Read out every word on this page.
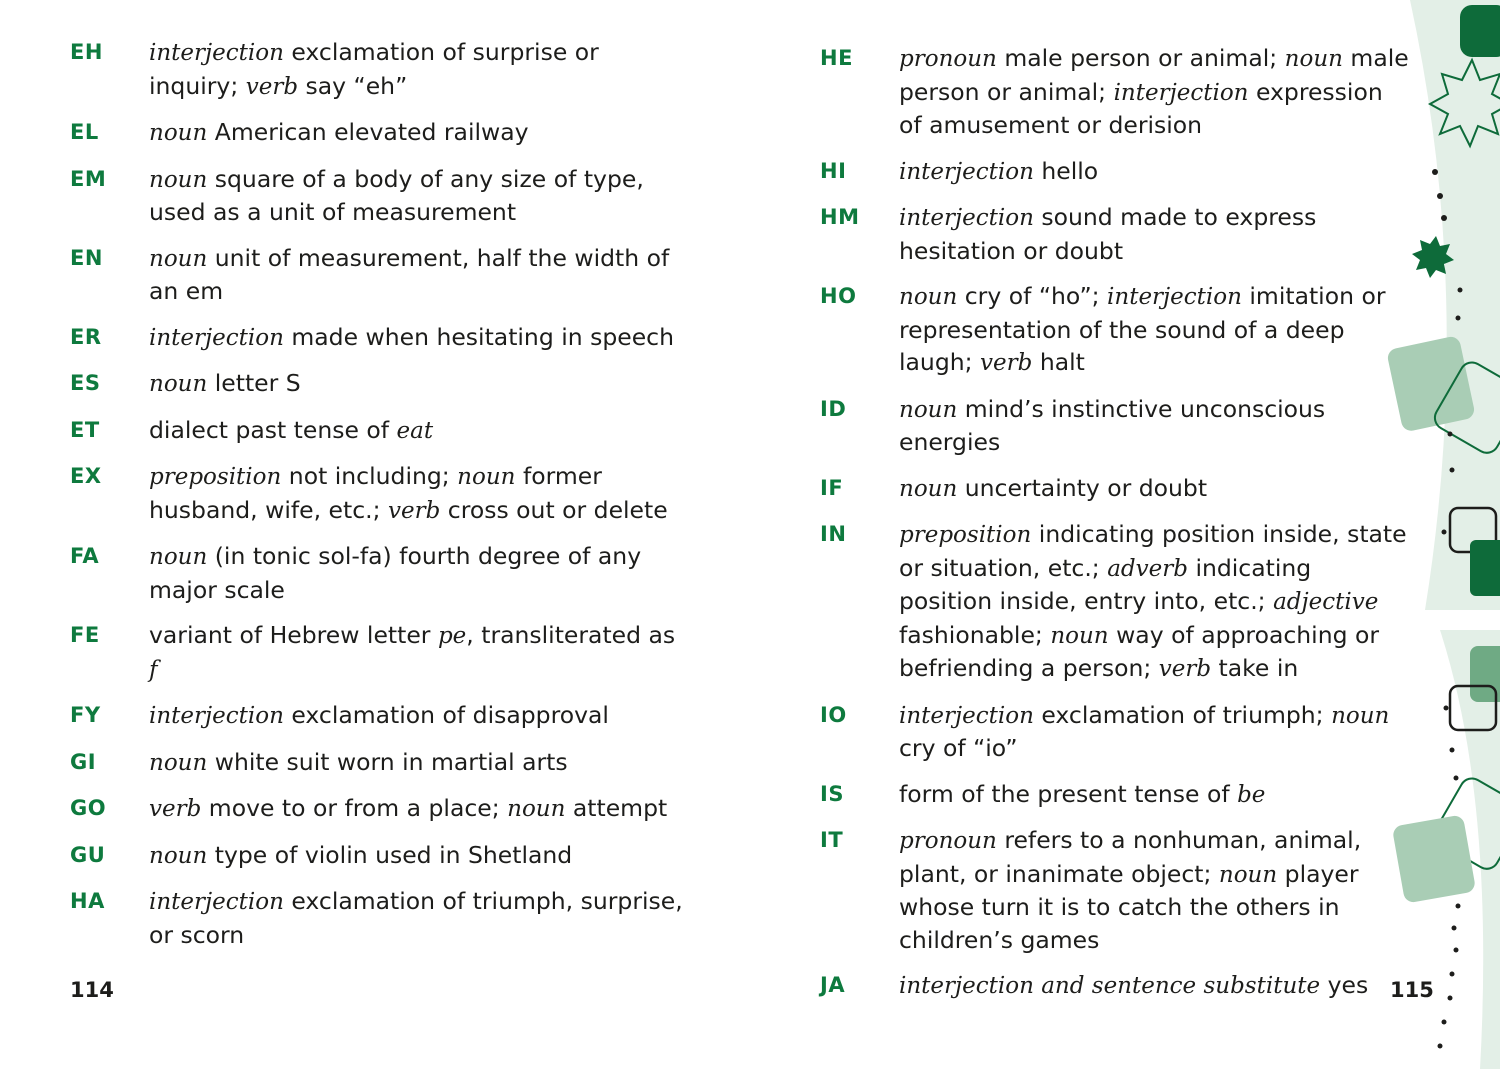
EH	interjection exclamation of surprise or inquiry; verb say “eh”
EL	noun American elevated railway
EM	noun square of a body of any size of type, used as a unit of measurement
EN	noun unit of measurement, half the width of an em
ER	interjection made when hesitating in speech
ES	noun letter S
ET	dialect past tense of eat
EX	preposition not including; noun former husband, wife, etc.; verb cross out or delete
FA	noun (in tonic sol-fa) fourth degree of any major scale
FE	variant of Hebrew letter pe, transliterated as f
FY	interjection exclamation of disapproval
GI	noun white suit worn in martial arts
GO	verb move to or from a place; noun attempt
GU	noun type of violin used in Shetland
HA	interjection exclamation of triumph, surprise, or scorn
114
HE	pronoun male person or animal; noun male person or animal; interjection expression of amusement or derision
HI	interjection hello
HM	interjection sound made to express hesitation or doubt
HO	noun cry of “ho”; interjection imitation or representation of the sound of a deep laugh; verb halt
ID	noun mind’s instinctive unconscious energies
IF	noun uncertainty or doubt
IN	preposition indicating position inside, state or situation, etc.; adverb indicating position inside, entry into, etc.; adjective fashionable; noun way of approaching or befriending a person; verb take in
IO	interjection exclamation of triumph; noun cry of “io”
IS	form of the present tense of be
IT	pronoun refers to a nonhuman, animal, plant, or inanimate object; noun player whose turn it is to catch the others in children’s games
JA	interjection and sentence substitute yes	115
